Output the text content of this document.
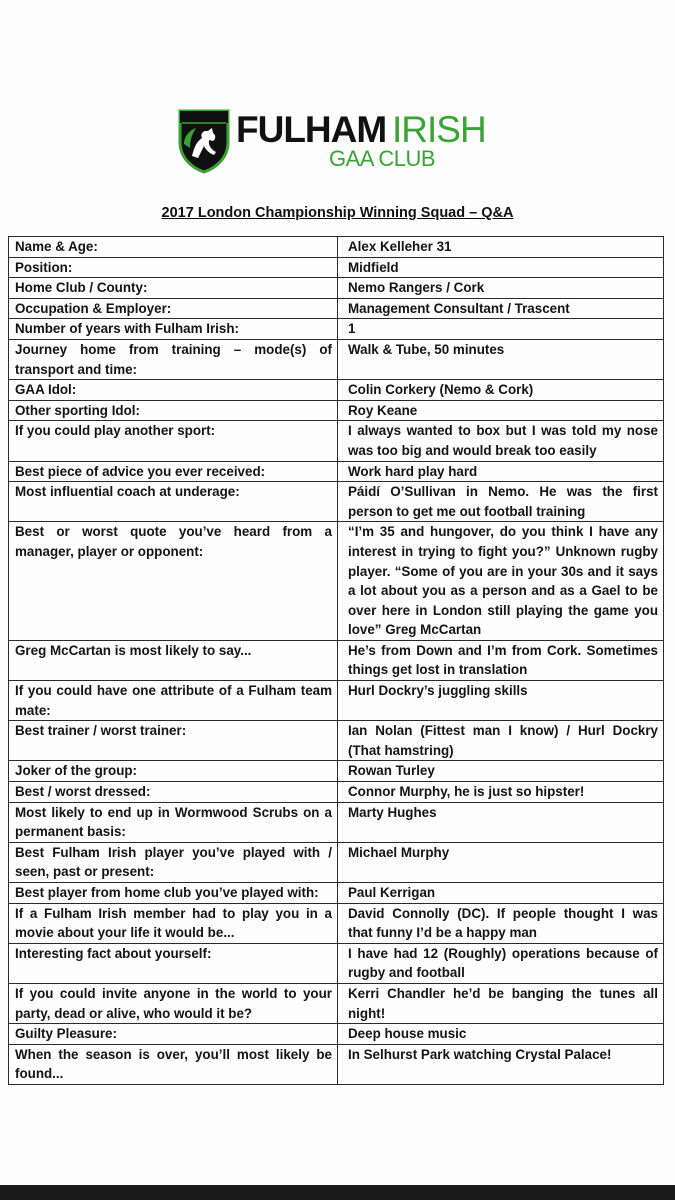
FULHAM IRISH
GAA CLUB
2017 London Championship Winning Squad – Q&A
Name & Age:	Alex Kelleher 31
Position:	Midfield
Home Club / County:	Nemo Rangers / Cork
Occupation & Employer:	Management Consultant / Trascent
Number of years with Fulham Irish:	1
Journey home from training – mode(s) of transport and time:	Walk & Tube, 50 minutes
GAA Idol:	Colin Corkery (Nemo & Cork)
Other sporting Idol:	Roy Keane
If you could play another sport:	I always wanted to box but I was told my nose was too big and would break too easily
Best piece of advice you ever received:	Work hard play hard
Most influential coach at underage:	Páidí O’Sullivan in Nemo. He was the first person to get me out football training
Best or worst quote you’ve heard from a manager, player or opponent:	“I’m 35 and hungover, do you think I have any interest in trying to fight you?” Unknown rugby player. “Some of you are in your 30s and it says a lot about you as a person and as a Gael to be over here in London still playing the game you love” Greg McCartan
Greg McCartan is most likely to say...	He’s from Down and I’m from Cork. Sometimes things get lost in translation
If you could have one attribute of a Fulham team mate:	Hurl Dockry’s juggling skills
Best trainer / worst trainer:	Ian Nolan (Fittest man I know) / Hurl Dockry (That hamstring)
Joker of the group:	Rowan Turley
Best / worst dressed:	Connor Murphy, he is just so hipster!
Most likely to end up in Wormwood Scrubs on a permanent basis:	Marty Hughes
Best Fulham Irish player you’ve played with / seen, past or present:	Michael Murphy
Best player from home club you’ve played with:	Paul Kerrigan
If a Fulham Irish member had to play you in a movie about your life it would be...	David Connolly (DC). If people thought I was that funny I’d be a happy man
Interesting fact about yourself:	I have had 12 (Roughly) operations because of rugby and football
If you could invite anyone in the world to your party, dead or alive, who would it be?	Kerri Chandler he’d be banging the tunes all night!
Guilty Pleasure:	Deep house music
When the season is over, you’ll most likely be found...	In Selhurst Park watching Crystal Palace!
